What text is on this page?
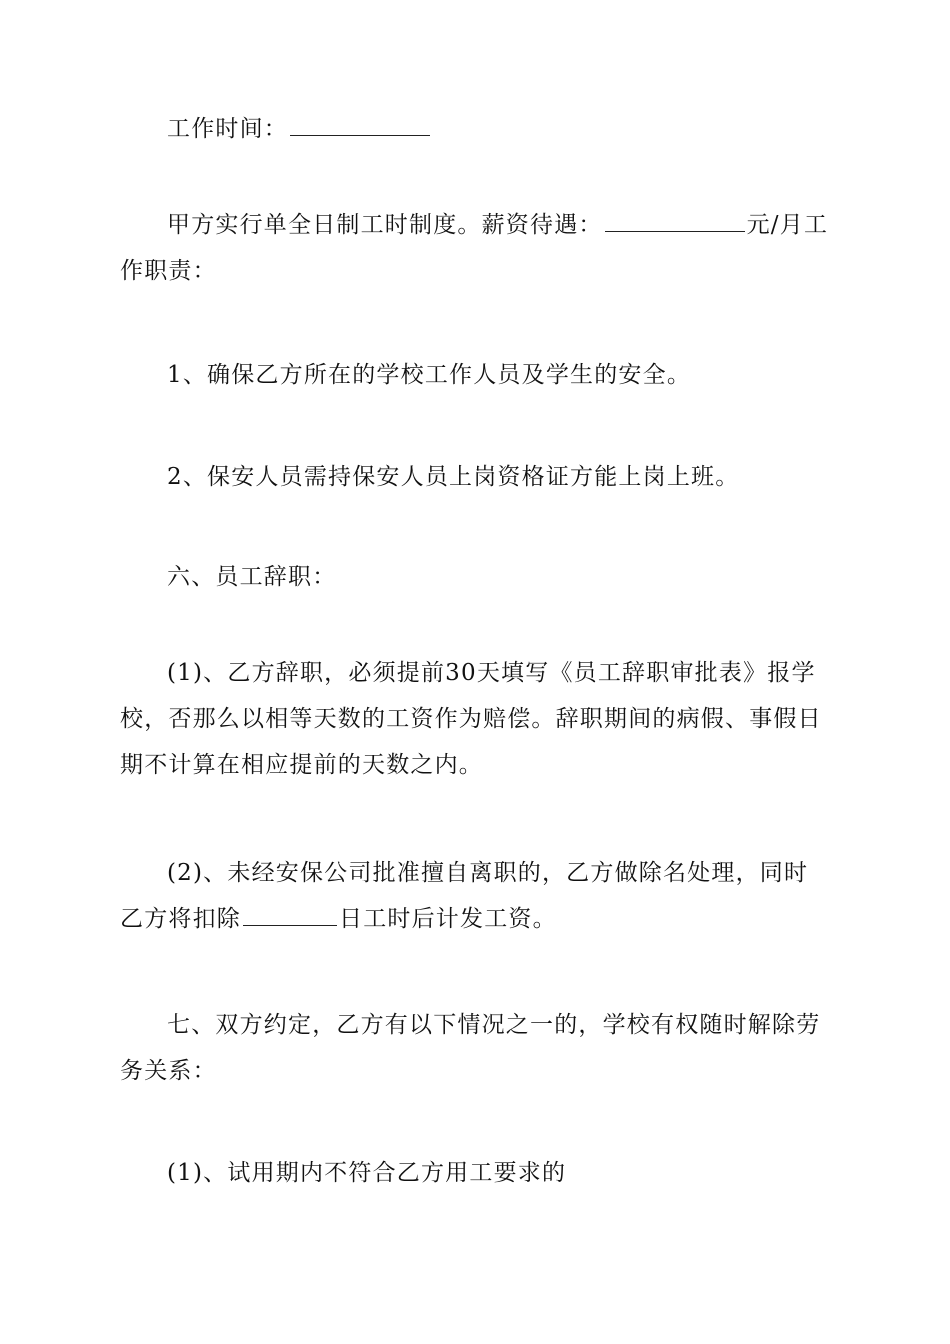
工作时间：

甲方实行单全日制工时制度。薪资待遇：	元/月工作职责：

1、确保乙方所在的学校工作人员及学生的安全。

2、保安人员需持保安人员上岗资格证方能上岗上班。

六、员工辞职：

(1)、乙方辞职，必须提前30天填写《员工辞职审批表》报学校，否那么以相等天数的工资作为赔偿。辞职期间的病假、事假日期不计算在相应提前的天数之内。

(2)、未经安保公司批准擅自离职的，乙方做除名处理，同时乙方将扣除	日工时后计发工资。

七、双方约定，乙方有以下情况之一的，学校有权随时解除劳务关系：

(1)、试用期内不符合乙方用工要求的
